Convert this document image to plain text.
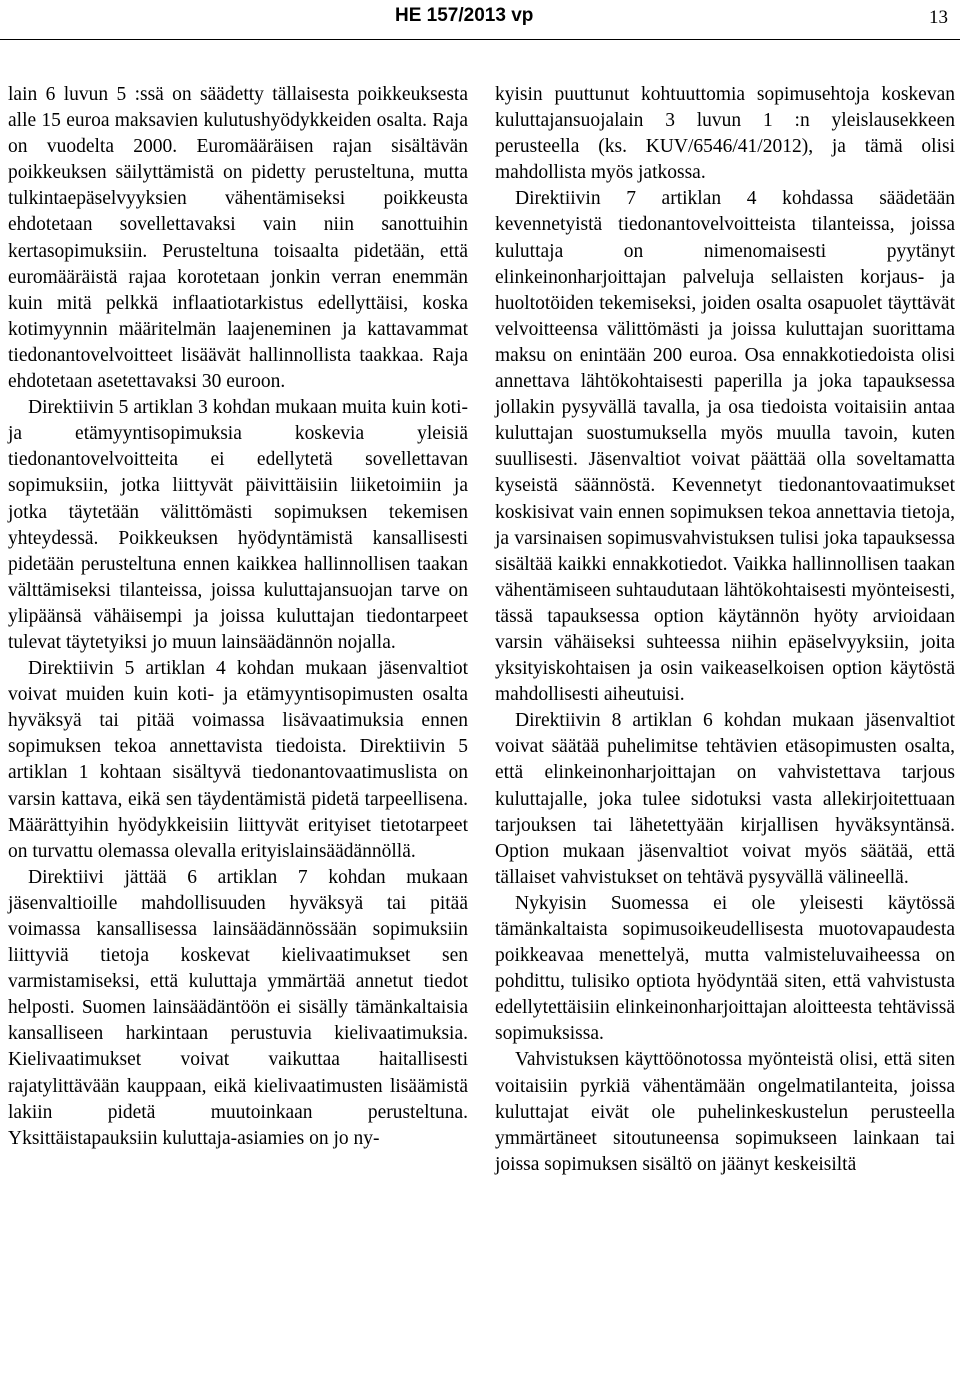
HE 157/2013 vp	13

lain 6 luvun 5 :ssä on säädetty tällaisesta poikkeuksesta alle 15 euroa maksavien kulutushyödykkeiden osalta. Raja on vuodelta 2000. Euromääräisen rajan sisältävän poikkeuksen säilyttämistä on pidetty perusteltuna, mutta tulkintaepäselvyyksien vähentämiseksi poikkeusta ehdotetaan sovellettavaksi vain niin sanottuihin kertasopimuksiin. Perusteltuna toisaalta pidetään, että euromääräistä rajaa korotetaan jonkin verran enemmän kuin mitä pelkkä inflaatiotarkistus edellyttäisi, koska kotimyynnin määritelmän laajeneminen ja kattavammat tiedonantovelvoitteet lisäävät hallinnollista taakkaa. Raja ehdotetaan asetettavaksi 30 euroon.

Direktiivin 5 artiklan 3 kohdan mukaan muita kuin koti- ja etämyyntisopimuksia koskevia yleisiä tiedonantovelvoitteita ei edellytetä sovellettavan sopimuksiin, jotka liittyvät päivittäisiin liiketoimiin ja jotka täytetään välittömästi sopimuksen tekemisen yhteydessä. Poikkeuksen hyödyntämistä kansallisesti pidetään perusteltuna ennen kaikkea hallinnollisen taakan välttämiseksi tilanteissa, joissa kuluttajansuojan tarve on ylipäänsä vähäisempi ja joissa kuluttajan tiedontarpeet tulevat täytetyiksi jo muun lainsäädännön nojalla.

Direktiivin 5 artiklan 4 kohdan mukaan jäsenvaltiot voivat muiden kuin koti- ja etämyyntisopimusten osalta hyväksyä tai pitää voimassa lisävaatimuksia ennen sopimuksen tekoa annettavista tiedoista. Direktiivin 5 artiklan 1 kohtaan sisältyvä tiedonantovaatimuslista on varsin kattava, eikä sen täydentämistä pidetä tarpeellisena. Määrättyihin hyödykkeisiin liittyvät erityiset tietotarpeet on turvattu olemassa olevalla erityislainsäädännöllä.

Direktiivi jättää 6 artiklan 7 kohdan mukaan jäsenvaltioille mahdollisuuden hyväksyä tai pitää voimassa kansallisessa lainsäädännössään sopimuksiin liittyviä tietoja koskevat kielivaatimukset sen varmistamiseksi, että kuluttaja ymmärtää annetut tiedot helposti. Suomen lainsäädäntöön ei sisälly tämänkaltaisia kansalliseen harkintaan perustuvia kielivaatimuksia. Kielivaatimukset voivat vaikuttaa haitallisesti rajatylittävään kauppaan, eikä kielivaatimusten lisäämistä lakiin pidetä muutoinkaan perusteltuna. Yksittäistapauksiin kuluttaja-asiamies on jo ny-

kyisin puuttunut kohtuuttomia sopimusehtoja koskevan kuluttajansuojalain 3 luvun 1 :n yleislausekkeen perusteella (ks. KUV/6546/41/2012), ja tämä olisi mahdollista myös jatkossa.

Direktiivin 7 artiklan 4 kohdassa säädetään kevennetyistä tiedonantovelvoitteista tilanteissa, joissa kuluttaja on nimenomaisesti pyytänyt elinkeinonharjoittajan palveluja sellaisten korjaus- ja huoltotöiden tekemiseksi, joiden osalta osapuolet täyttävät velvoitteensa välittömästi ja joissa kuluttajan suorittama maksu on enintään 200 euroa. Osa ennakkotiedoista olisi annettava lähtökohtaisesti paperilla ja joka tapauksessa jollakin pysyvällä tavalla, ja osa tiedoista voitaisiin antaa kuluttajan suostumuksella myös muulla tavoin, kuten suullisesti. Jäsenvaltiot voivat päättää olla soveltamatta kyseistä säännöstä. Kevennetyt tiedonantovaatimukset koskisivat vain ennen sopimuksen tekoa annettavia tietoja, ja varsinaisen sopimusvahvistuksen tulisi joka tapauksessa sisältää kaikki ennakkotiedot. Vaikka hallinnollisen taakan vähentämiseen suhtaudutaan lähtökohtaisesti myönteisesti, tässä tapauksessa option käytännön hyöty arvioidaan varsin vähäiseksi suhteessa niihin epäselvyyksiin, joita yksityiskohtaisen ja osin vaikeaselkoisen option käytöstä mahdollisesti aiheutuisi.

Direktiivin 8 artiklan 6 kohdan mukaan jäsenvaltiot voivat säätää puhelimitse tehtävien etäsopimusten osalta, että elinkeinonharjoittajan on vahvistettava tarjous kuluttajalle, joka tulee sidotuksi vasta allekirjoitettuaan tarjouksen tai lähetettyään kirjallisen hyväksyntänsä. Option mukaan jäsenvaltiot voivat myös säätää, että tällaiset vahvistukset on tehtävä pysyvällä välineellä.

Nykyisin Suomessa ei ole yleisesti käytössä tämänkaltaista sopimusoikeudellisesta muotovapaudesta poikkeavaa menettelyä, mutta valmisteluvaiheessa on pohdittu, tulisiko optiota hyödyntää siten, että vahvistusta edellytettäisiin elinkeinonharjoittajan aloitteesta tehtävissä sopimuksissa.

Vahvistuksen käyttöönotossa myönteistä olisi, että siten voitaisiin pyrkiä vähentämään ongelmatilanteita, joissa kuluttajat eivät ole puhelinkeskustelun perusteella ymmärtäneet sitoutuneensa sopimukseen lainkaan tai joissa sopimuksen sisältö on jäänyt keskeisiltä
